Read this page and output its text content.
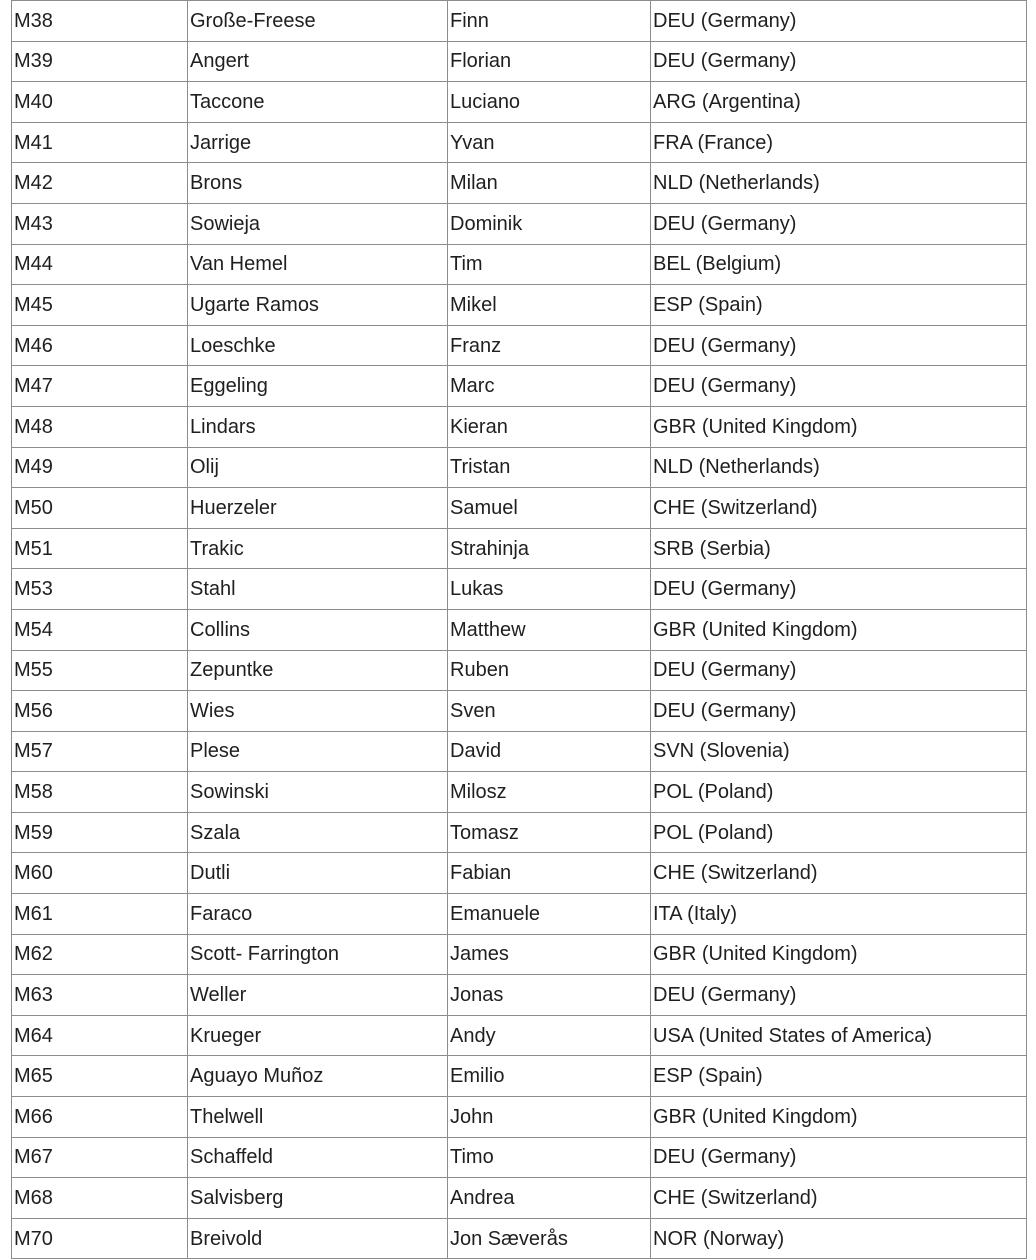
M38	Große-Freese	Finn	DEU (Germany)
M39	Angert	Florian	DEU (Germany)
M40	Taccone	Luciano	ARG (Argentina)
M41	Jarrige	Yvan	FRA (France)
M42	Brons	Milan	NLD (Netherlands)
M43	Sowieja	Dominik	DEU (Germany)
M44	Van Hemel	Tim	BEL (Belgium)
M45	Ugarte Ramos	Mikel	ESP (Spain)
M46	Loeschke	Franz	DEU (Germany)
M47	Eggeling	Marc	DEU (Germany)
M48	Lindars	Kieran	GBR (United Kingdom)
M49	Olij	Tristan	NLD (Netherlands)
M50	Huerzeler	Samuel	CHE (Switzerland)
M51	Trakic	Strahinja	SRB (Serbia)
M53	Stahl	Lukas	DEU (Germany)
M54	Collins	Matthew	GBR (United Kingdom)
M55	Zepuntke	Ruben	DEU (Germany)
M56	Wies	Sven	DEU (Germany)
M57	Plese	David	SVN (Slovenia)
M58	Sowinski	Milosz	POL (Poland)
M59	Szala	Tomasz	POL (Poland)
M60	Dutli	Fabian	CHE (Switzerland)
M61	Faraco	Emanuele	ITA (Italy)
M62	Scott- Farrington	James	GBR (United Kingdom)
M63	Weller	Jonas	DEU (Germany)
M64	Krueger	Andy	USA (United States of America)
M65	Aguayo Muñoz	Emilio	ESP (Spain)
M66	Thelwell	John	GBR (United Kingdom)
M67	Schaffeld	Timo	DEU (Germany)
M68	Salvisberg	Andrea	CHE (Switzerland)
M70	Breivold	Jon Sæverås	NOR (Norway)
